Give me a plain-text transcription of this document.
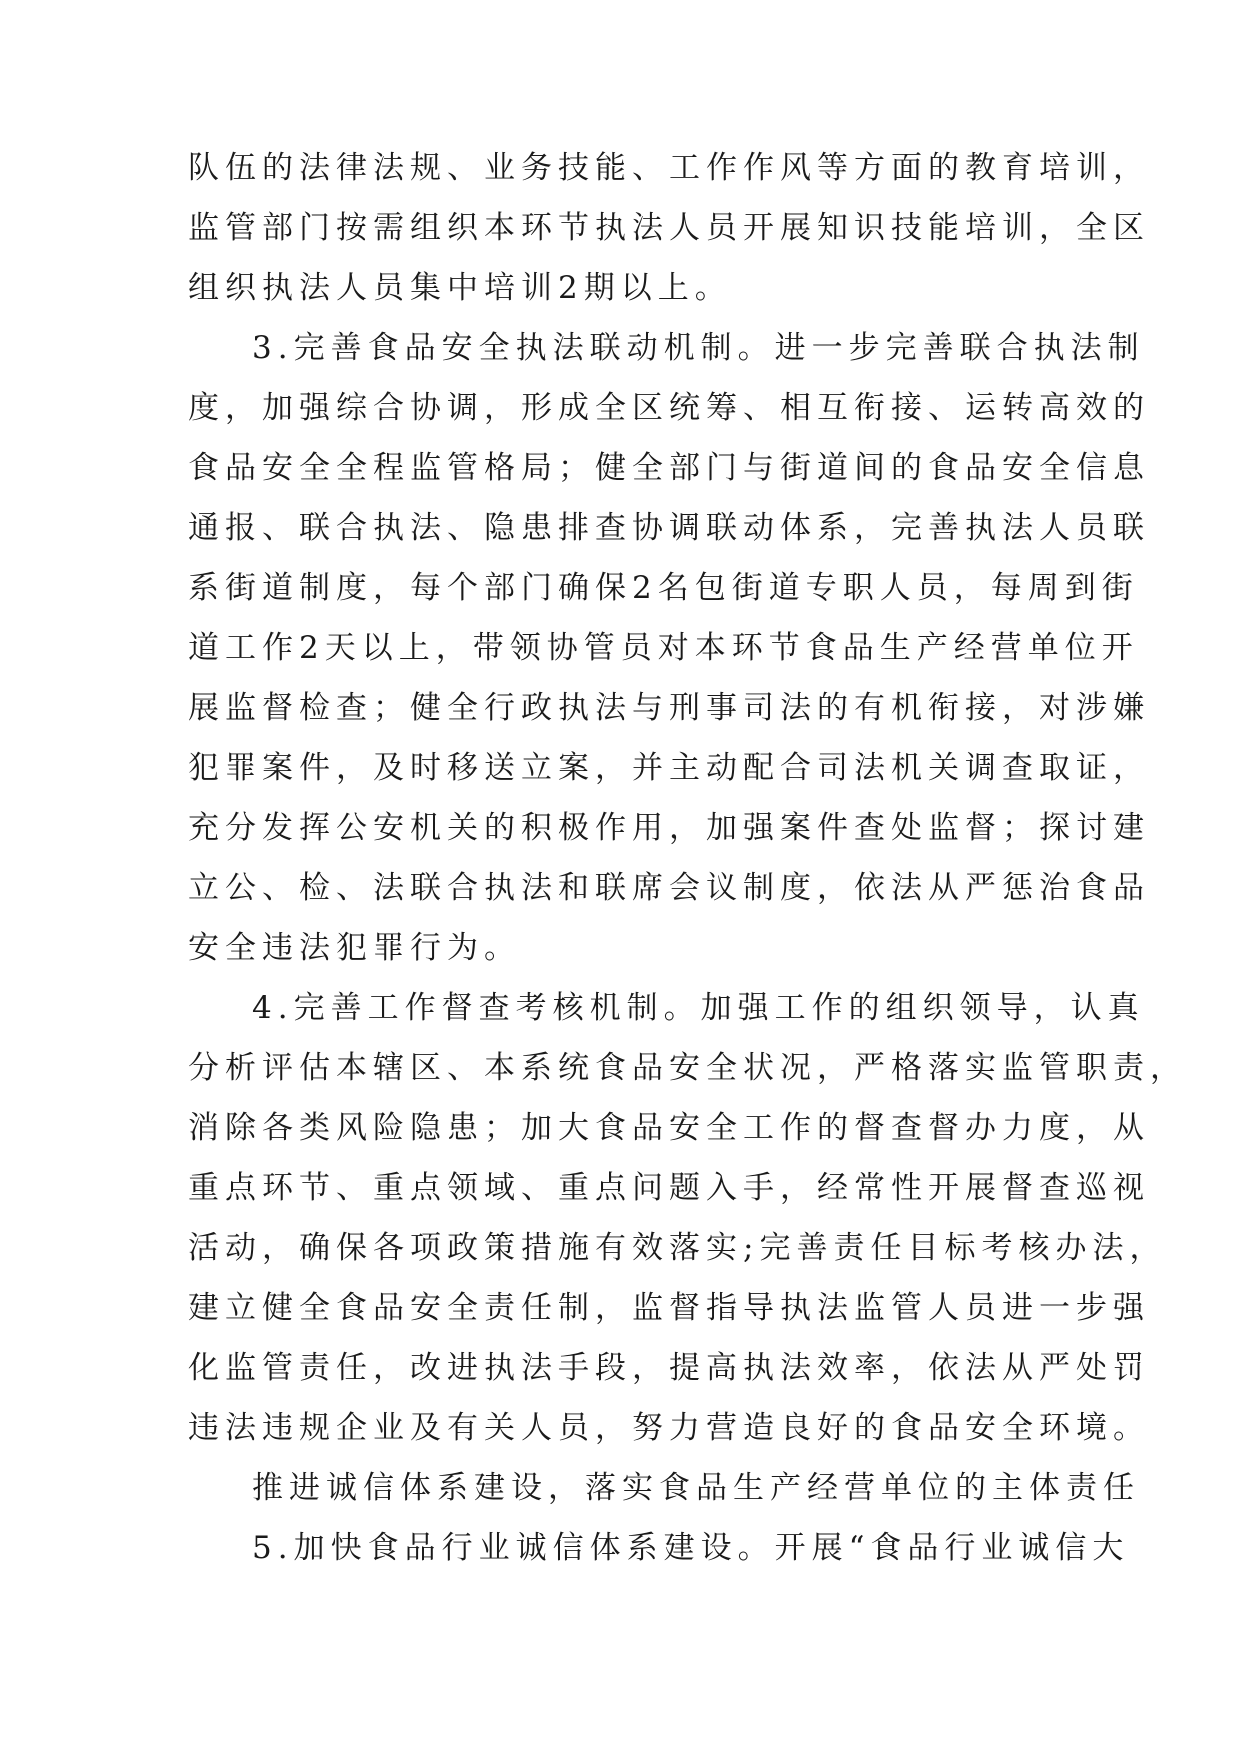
队伍的法律法规、业务技能、工作作风等方面的教育培训，
监管部门按需组织本环节执法人员开展知识技能培训，全区
组织执法人员集中培训2期以上。
3.完善食品安全执法联动机制。进一步完善联合执法制
度，加强综合协调，形成全区统筹、相互衔接、运转高效的
食品安全全程监管格局；健全部门与街道间的食品安全信息
通报、联合执法、隐患排查协调联动体系，完善执法人员联
系街道制度，每个部门确保2名包街道专职人员，每周到街
道工作2天以上，带领协管员对本环节食品生产经营单位开
展监督检查；健全行政执法与刑事司法的有机衔接，对涉嫌
犯罪案件，及时移送立案，并主动配合司法机关调查取证，
充分发挥公安机关的积极作用，加强案件查处监督；探讨建
立公、检、法联合执法和联席会议制度，依法从严惩治食品
安全违法犯罪行为。
4.完善工作督查考核机制。加强工作的组织领导，认真
分析评估本辖区、本系统食品安全状况，严格落实监管职责，
消除各类风险隐患；加大食品安全工作的督查督办力度，从
重点环节、重点领域、重点问题入手，经常性开展督查巡视
活动，确保各项政策措施有效落实;完善责任目标考核办法，
建立健全食品安全责任制，监督指导执法监管人员进一步强
化监管责任，改进执法手段，提高执法效率，依法从严处罚
违法违规企业及有关人员，努力营造良好的食品安全环境。
推进诚信体系建设，落实食品生产经营单位的主体责任
5.加快食品行业诚信体系建设。开展“食品行业诚信大
